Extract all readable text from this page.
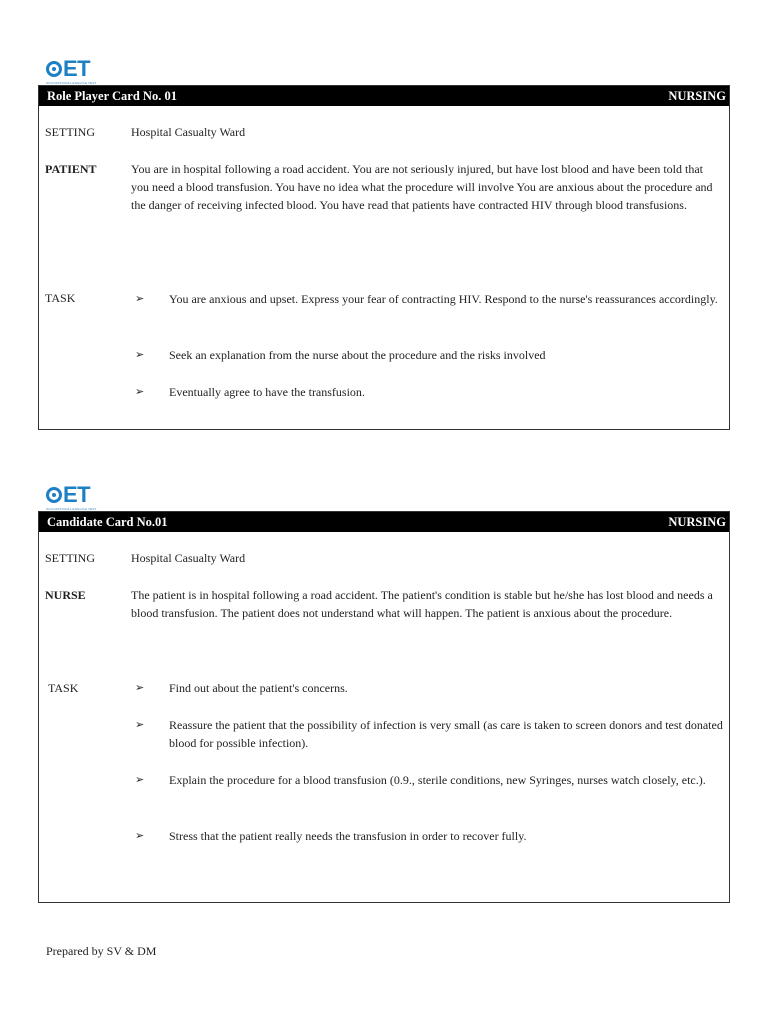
ET
OCCUPATIONAL ENGLISH TEST
Role Player Card No. 01	NURSING
SETTING	Hospital Casualty Ward
PATIENT	You are in hospital following a road accident. You are not seriously injured, but have lost blood and have been told that you need a blood transfusion. You have no idea what the procedure will involve You are anxious about the procedure and the danger of receiving infected blood. You have read that patients have contracted HIV through blood transfusions.
TASK	➢ You are anxious and upset. Express your fear of contracting HIV. Respond to the nurse's reassurances accordingly.
➢ Seek an explanation from the nurse about the procedure and the risks involved
➢ Eventually agree to have the transfusion.
ET
OCCUPATIONAL ENGLISH TEST
Candidate Card No.01	NURSING
SETTING	Hospital Casualty Ward
NURSE	The patient is in hospital following a road accident. The patient's condition is stable but he/she has lost blood and needs a blood transfusion. The patient does not understand what will happen. The patient is anxious about the procedure.
TASK	➢ Find out about the patient's concerns.
➢ Reassure the patient that the possibility of infection is very small (as care is taken to screen donors and test donated blood for possible infection).
➢ Explain the procedure for a blood transfusion (0.9., sterile conditions, new Syringes, nurses watch closely, etc.).
➢ Stress that the patient really needs the transfusion in order to recover fully.
Prepared by SV & DM
